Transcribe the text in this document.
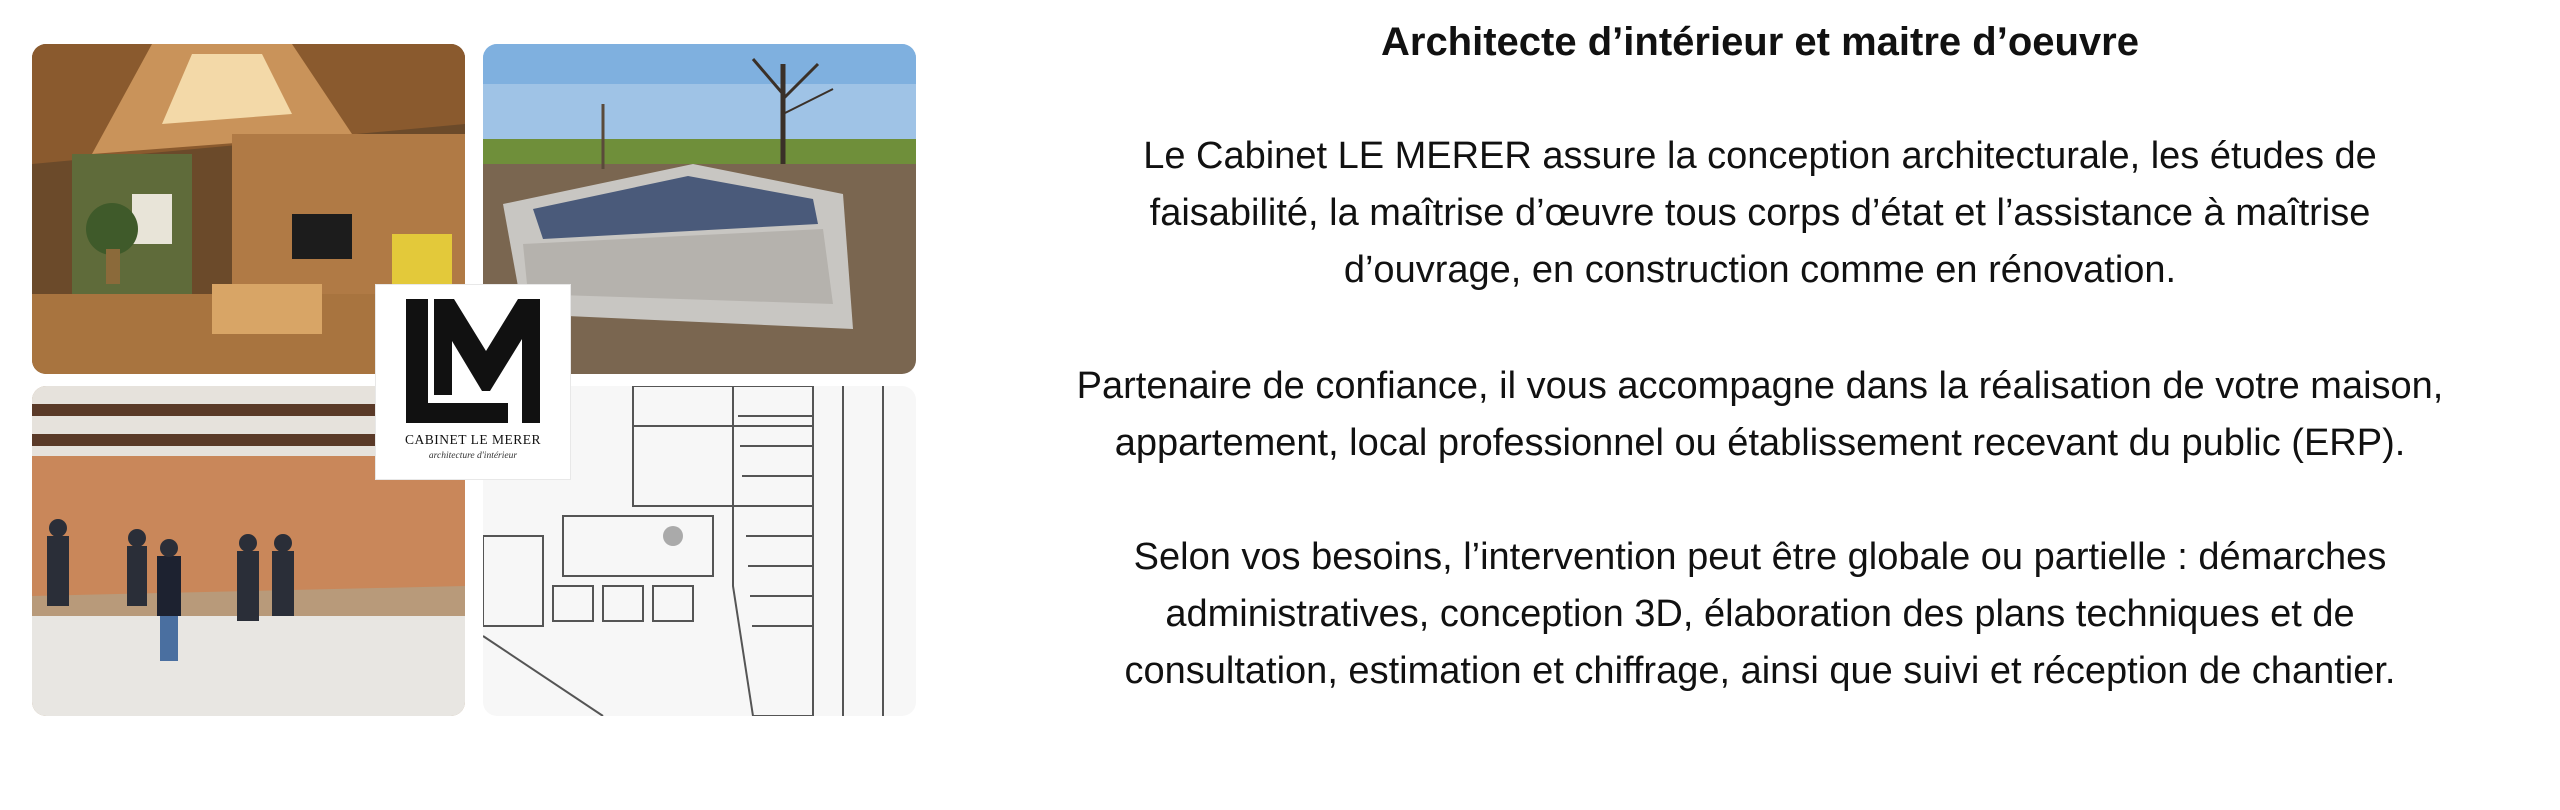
CABINET LE MERER
architecture d'intérieur
Architecte d’intérieur et maitre d’oeuvre
Le Cabinet LE MERER assure la conception architecturale, les études de
faisabilité, la maîtrise d’œuvre tous corps d’état et l’assistance à maîtrise
d’ouvrage, en construction comme en rénovation.
Partenaire de confiance, il vous accompagne dans la réalisation de votre maison,
appartement, local professionnel ou établissement recevant du public (ERP).
Selon vos besoins, l’intervention peut être globale ou partielle : démarches
administratives, conception 3D, élaboration des plans techniques et de
consultation, estimation et chiffrage, ainsi que suivi et réception de chantier.
